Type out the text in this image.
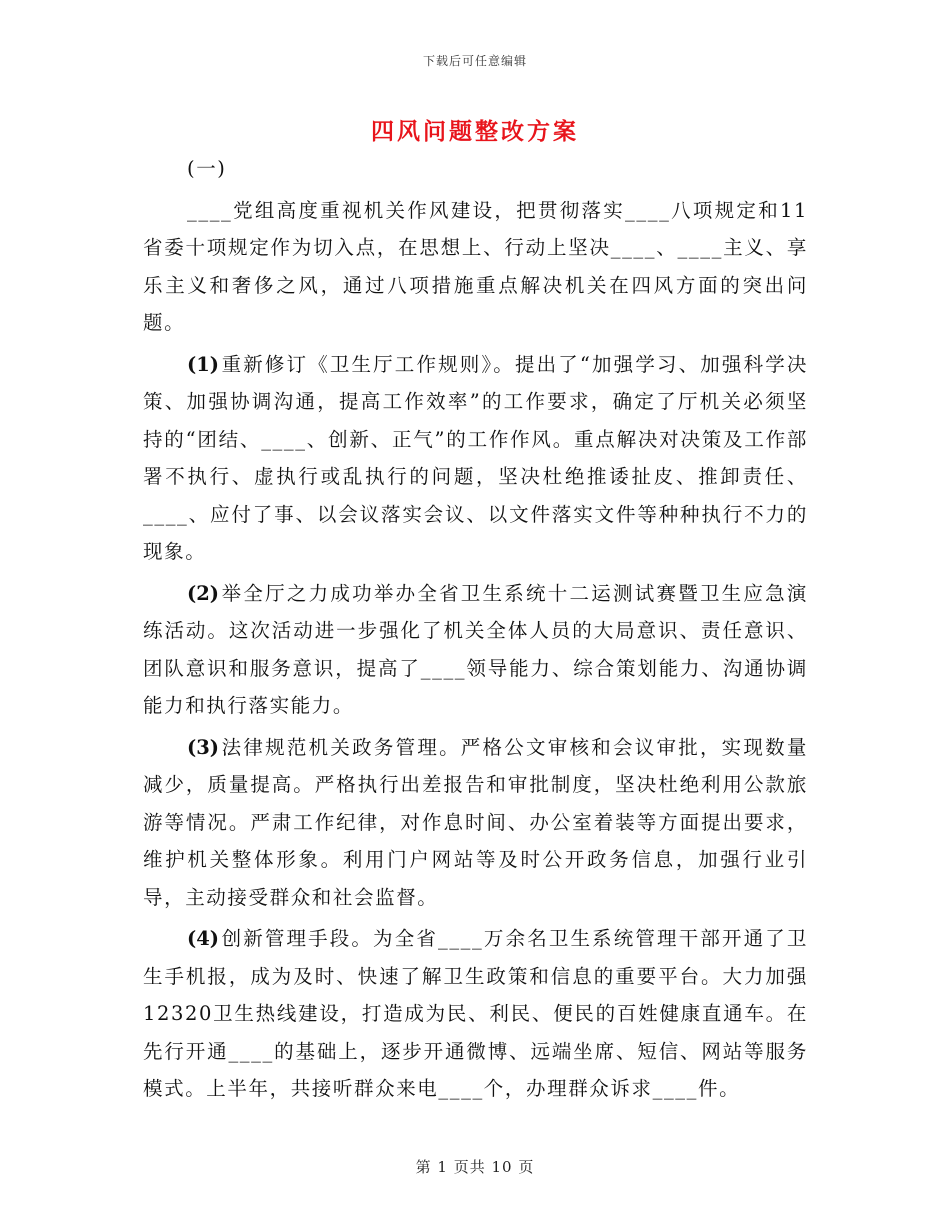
下载后可任意编辑
四风问题整改方案

(一)

____党组高度重视机关作风建设，把贯彻落实____八项规定和11省委十项规定作为切入点，在思想上、行动上坚决____、____主义、享乐主义和奢侈之风，通过八项措施重点解决机关在四风方面的突出问题。

(1) 重新修订《卫生厅工作规则》。提出了“加强学习、加强科学决策、加强协调沟通，提高工作效率”的工作要求，确定了厅机关必须坚持的“团结、____、创新、正气”的工作作风。重点解决对决策及工作部署不执行、虚执行或乱执行的问题，坚决杜绝推诿扯皮、推卸责任、____、应付了事、以会议落实会议、以文件落实文件等种种执行不力的现象。

(2) 举全厅之力成功举办全省卫生系统十二运测试赛暨卫生应急演练活动。这次活动进一步强化了机关全体人员的大局意识、责任意识、团队意识和服务意识，提高了____领导能力、综合策划能力、沟通协调能力和执行落实能力。

(3) 法律规范机关政务管理。严格公文审核和会议审批，实现数量减少，质量提高。严格执行出差报告和审批制度，坚决杜绝利用公款旅游等情况。严肃工作纪律，对作息时间、办公室着装等方面提出要求，维护机关整体形象。利用门户网站等及时公开政务信息，加强行业引导，主动接受群众和社会监督。

(4) 创新管理手段。为全省____万余名卫生系统管理干部开通了卫生手机报，成为及时、快速了解卫生政策和信息的重要平台。大力加强12320卫生热线建设，打造成为民、利民、便民的百姓健康直通车。在先行开通____的基础上，逐步开通微博、远端坐席、短信、网站等服务模式。上半年，共接听群众来电____个，办理群众诉求____件。

第 1 页共 10 页
